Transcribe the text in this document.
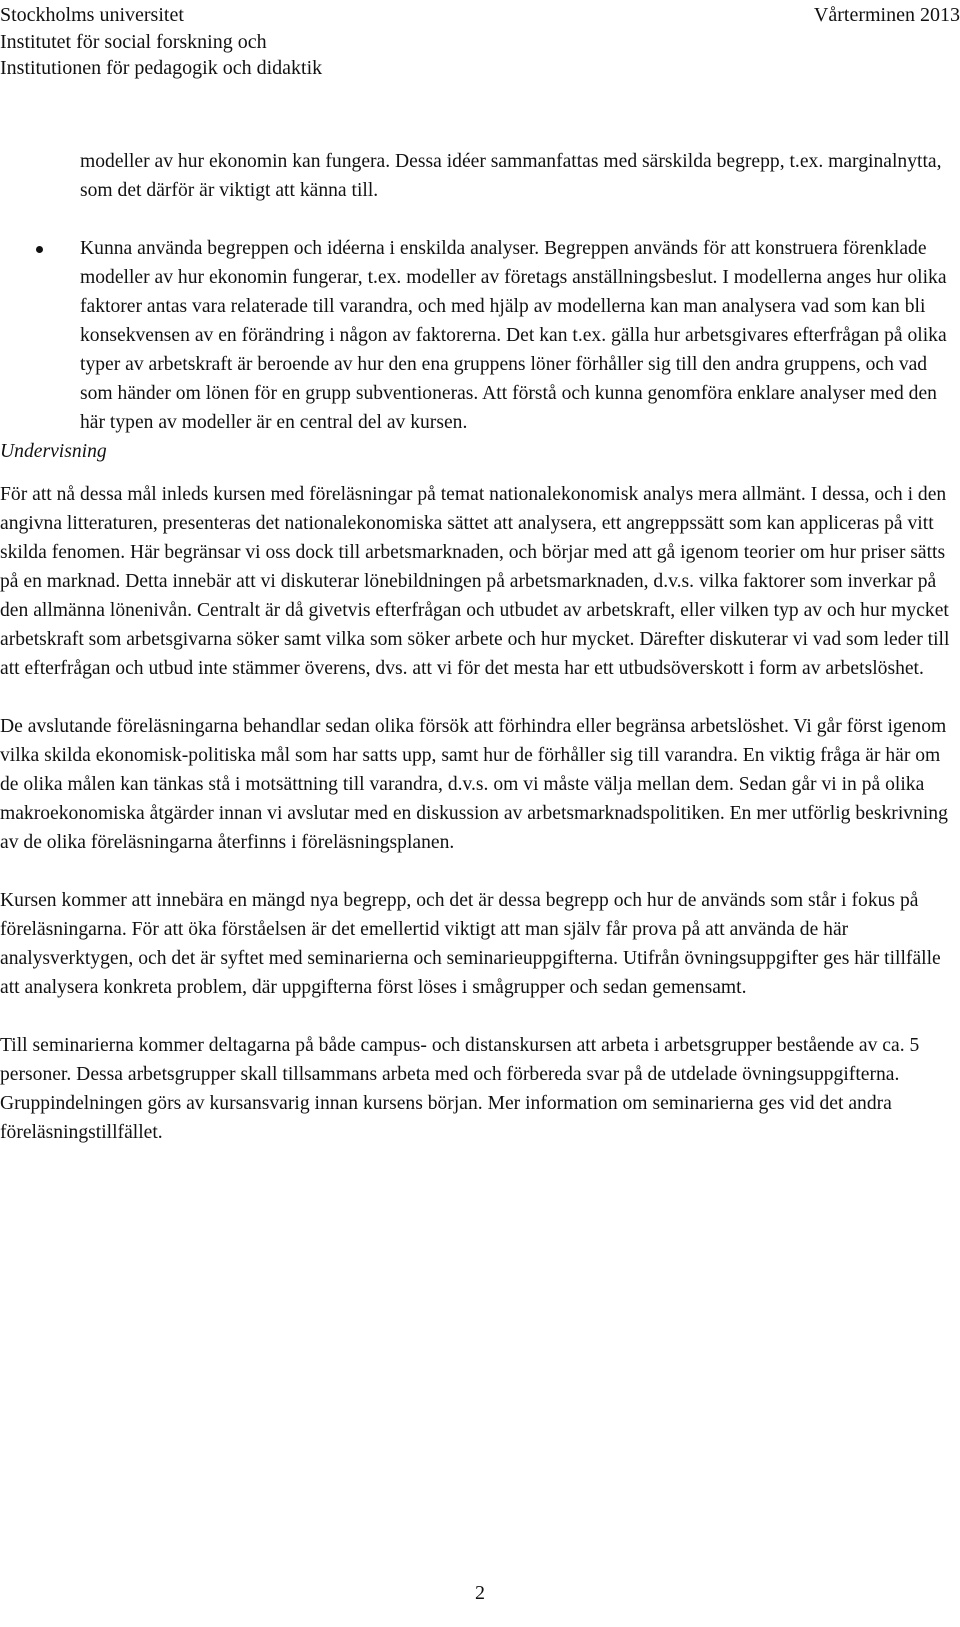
Stockholms universitet
Institutet för social forskning och
Institutionen för pedagogik och didaktik
Vårterminen 2013

modeller av hur ekonomin kan fungera. Dessa idéer sammanfattas med särskilda begrepp, t.ex. marginalnytta, som det därför är viktigt att känna till.

Kunna använda begreppen och idéerna i enskilda analyser. Begreppen används för att konstruera förenklade modeller av hur ekonomin fungerar, t.ex. modeller av företags anställningsbeslut. I modellerna anges hur olika faktorer antas vara relaterade till varandra, och med hjälp av modellerna kan man analysera vad som kan bli konsekvensen av en förändring i någon av faktorerna. Det kan t.ex. gälla hur arbetsgivares efterfrågan på olika typer av arbetskraft är beroende av hur den ena gruppens löner förhåller sig till den andra gruppens, och vad som händer om lönen för en grupp subventioneras. Att förstå och kunna genomföra enklare analyser med den här typen av modeller är en central del av kursen.

Undervisning

För att nå dessa mål inleds kursen med föreläsningar på temat nationalekonomisk analys mera allmänt. I dessa, och i den angivna litteraturen, presenteras det nationalekonomiska sättet att analysera, ett angreppssätt som kan appliceras på vitt skilda fenomen. Här begränsar vi oss dock till arbetsmarknaden, och börjar med att gå igenom teorier om hur priser sätts på en marknad. Detta innebär att vi diskuterar lönebildningen på arbetsmarknaden, d.v.s. vilka faktorer som inverkar på den allmänna lönenivån. Centralt är då givetvis efterfrågan och utbudet av arbetskraft, eller vilken typ av och hur mycket arbetskraft som arbetsgivarna söker samt vilka som söker arbete och hur mycket. Därefter diskuterar vi vad som leder till att efterfrågan och utbud inte stämmer överens, dvs. att vi för det mesta har ett utbudsöverskott i form av arbetslöshet.

De avslutande föreläsningarna behandlar sedan olika försök att förhindra eller begränsa arbetslöshet. Vi går först igenom vilka skilda ekonomisk-politiska mål som har satts upp, samt hur de förhåller sig till varandra. En viktig fråga är här om de olika målen kan tänkas stå i motsättning till varandra, d.v.s. om vi måste välja mellan dem. Sedan går vi in på olika makroekonomiska åtgärder innan vi avslutar med en diskussion av arbetsmarknadspolitiken. En mer utförlig beskrivning av de olika föreläsningarna återfinns i föreläsningsplanen.

Kursen kommer att innebära en mängd nya begrepp, och det är dessa begrepp och hur de används som står i fokus på föreläsningarna. För att öka förståelsen är det emellertid viktigt att man själv får prova på att använda de här analysverktygen, och det är syftet med seminarierna och seminarieuppgifterna. Utifrån övningsuppgifter ges här tillfälle att analysera konkreta problem, där uppgifterna först löses i smågrupper och sedan gemensamt.

Till seminarierna kommer deltagarna på både campus- och distanskursen att arbeta i arbetsgrupper bestående av ca. 5 personer. Dessa arbetsgrupper skall tillsammans arbeta med och förbereda svar på de utdelade övningsuppgifterna. Gruppindelningen görs av kursansvarig innan kursens början. Mer information om seminarierna ges vid det andra föreläsningstillfället.

2
